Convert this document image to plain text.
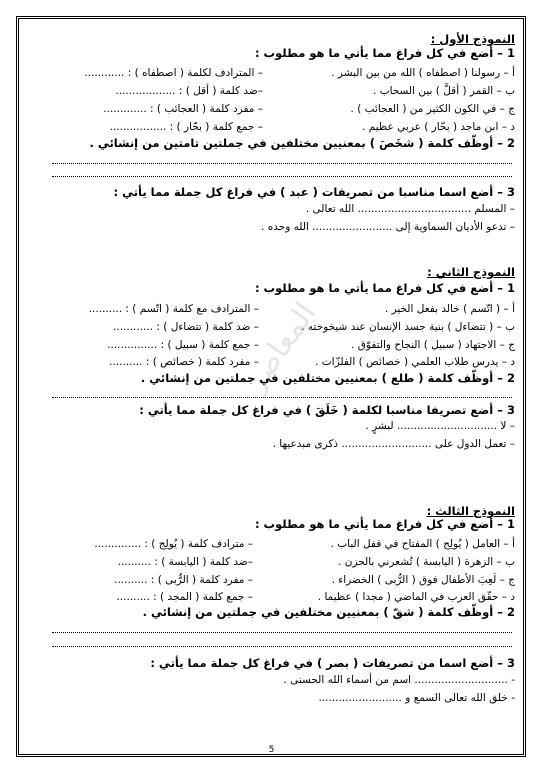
المعاصر
النموذج الأول :
1 – أضع في كل فراغ مما يأتي ما هو مطلوب :
أ – رسولنا ( اصطفاه ) الله من بين البشر .
– المترادف لكلمة ( اصطفاه ) : ............
ب – القمر ( أقلَّ ) بين السحاب .
–ضد كلمة ( أقل ) : ..................
ج – في الكون الكثير من ( العجائب ) .
– مفرد كلمة ( العجائب ) : .............
د – ابن ماجد ( بحّار ) عربي عظيم .
– جمع كلمة ( بحّار ) : .................
2 – أوظّف كلمة ( شخَصَ ) بمعنيين مختلفين في جملتين تامتين من إنشائي .
3 – أضع اسما مناسبا من تصريفات ( عبد ) في فراغ كل جملة مما يأتي :
– المسلم .................................. الله تعالى .
– تدعو الأديان السماوية إلى ........................ الله وحده .
النموذج الثاني :
1 – أضع في كل فراغ مما يأتي ما هو مطلوب :
أ – ( اتّسم ) خالد بفعل الخير .
– المترادف مع كلمة ( اتّسم ) : ..........
ب – ( تتضاءل ) بنية جسد الإنسان عند شيخوخته .
– ضد كلمة ( تتضاءل ) : ............
ج – الاجتهاد ( سبيل ) النجاح والتفوّق .
– جمع كلمة ( سبيل ) : ...............
د – يدرس طلاب العلمي ( خصائص ) الفلزّات .
– مفرد كلمة ( خصائص ) : ..........
2 – أوظّف كلمة ( طلع ) بمعنيين مختلفين في جملتين من إنشائي .
3 – أضع تصريفا مناسبا لكلمة ( خَلَقَ ) في فراغ كل جملة مما يأتي :
– لا .............................. لبشرٍ .
– تعمل الدول على ........................... ذكرى مبدعيها .
النموذج الثالث :
1 – أضع في كل فراغ مما يأتي ما هو مطلوب :
أ – العامل ( يُولِج ) المفتاح في قفل الباب .
– مترادف كلمة ( يُولِج ) : ..............
ب – الزهرة ( اليابسة ) تُشعرني بالحزن .
–ضد كلمة ( اليابسة ) : ..........
ج – لَعِبَ الأطفال فوق ( الرُّبى ) الخضراء .
– مفرد كلمة ( الرُّبى ) : ..........
د – حقّق العرب في الماضي ( مجدا ) عظيما .
– جمع كلمة ( المجد ) : ..........
2 – أوظّف كلمة ( شقّ ) بمعنيين مختلفين في جملتين من إنشائي .
3 – أضع اسما من تصريفات ( بصر ) في فراغ كل جملة مما يأتي :
- ............................ اسم من أسماء الله الحسنى .
- خلق الله تعالى السمع و .........................
5
